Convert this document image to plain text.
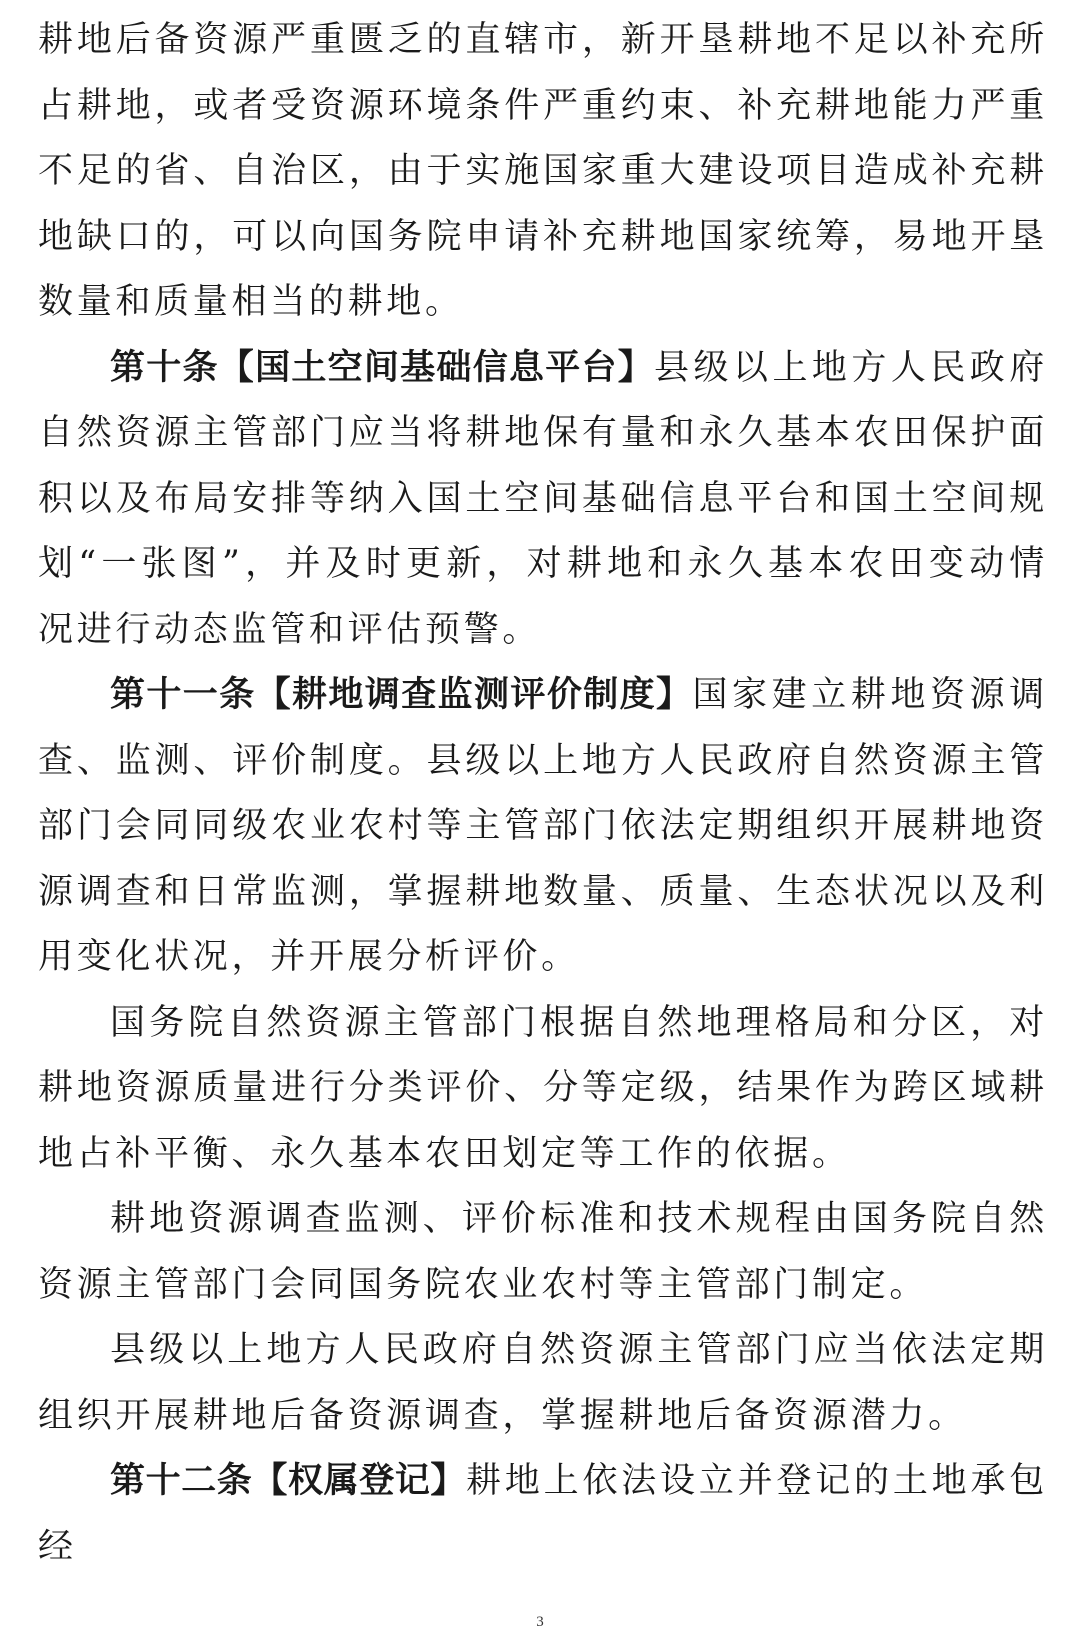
耕地后备资源严重匮乏的直辖市，新开垦耕地不足以补充所占耕地，或者受资源环境条件严重约束、补充耕地能力严重不足的省、自治区，由于实施国家重大建设项目造成补充耕地缺口的，可以向国务院申请补充耕地国家统筹，易地开垦数量和质量相当的耕地。

第十条【国土空间基础信息平台】县级以上地方人民政府自然资源主管部门应当将耕地保有量和永久基本农田保护面积以及布局安排等纳入国土空间基础信息平台和国土空间规划“一张图”，并及时更新，对耕地和永久基本农田变动情况进行动态监管和评估预警。

第十一条【耕地调查监测评价制度】国家建立耕地资源调查、监测、评价制度。县级以上地方人民政府自然资源主管部门会同同级农业农村等主管部门依法定期组织开展耕地资源调查和日常监测，掌握耕地数量、质量、生态状况以及利用变化状况，并开展分析评价。

国务院自然资源主管部门根据自然地理格局和分区，对耕地资源质量进行分类评价、分等定级，结果作为跨区域耕地占补平衡、永久基本农田划定等工作的依据。

耕地资源调查监测、评价标准和技术规程由国务院自然资源主管部门会同国务院农业农村等主管部门制定。

县级以上地方人民政府自然资源主管部门应当依法定期组织开展耕地后备资源调查，掌握耕地后备资源潜力。

第十二条【权属登记】耕地上依法设立并登记的土地承包经

3
